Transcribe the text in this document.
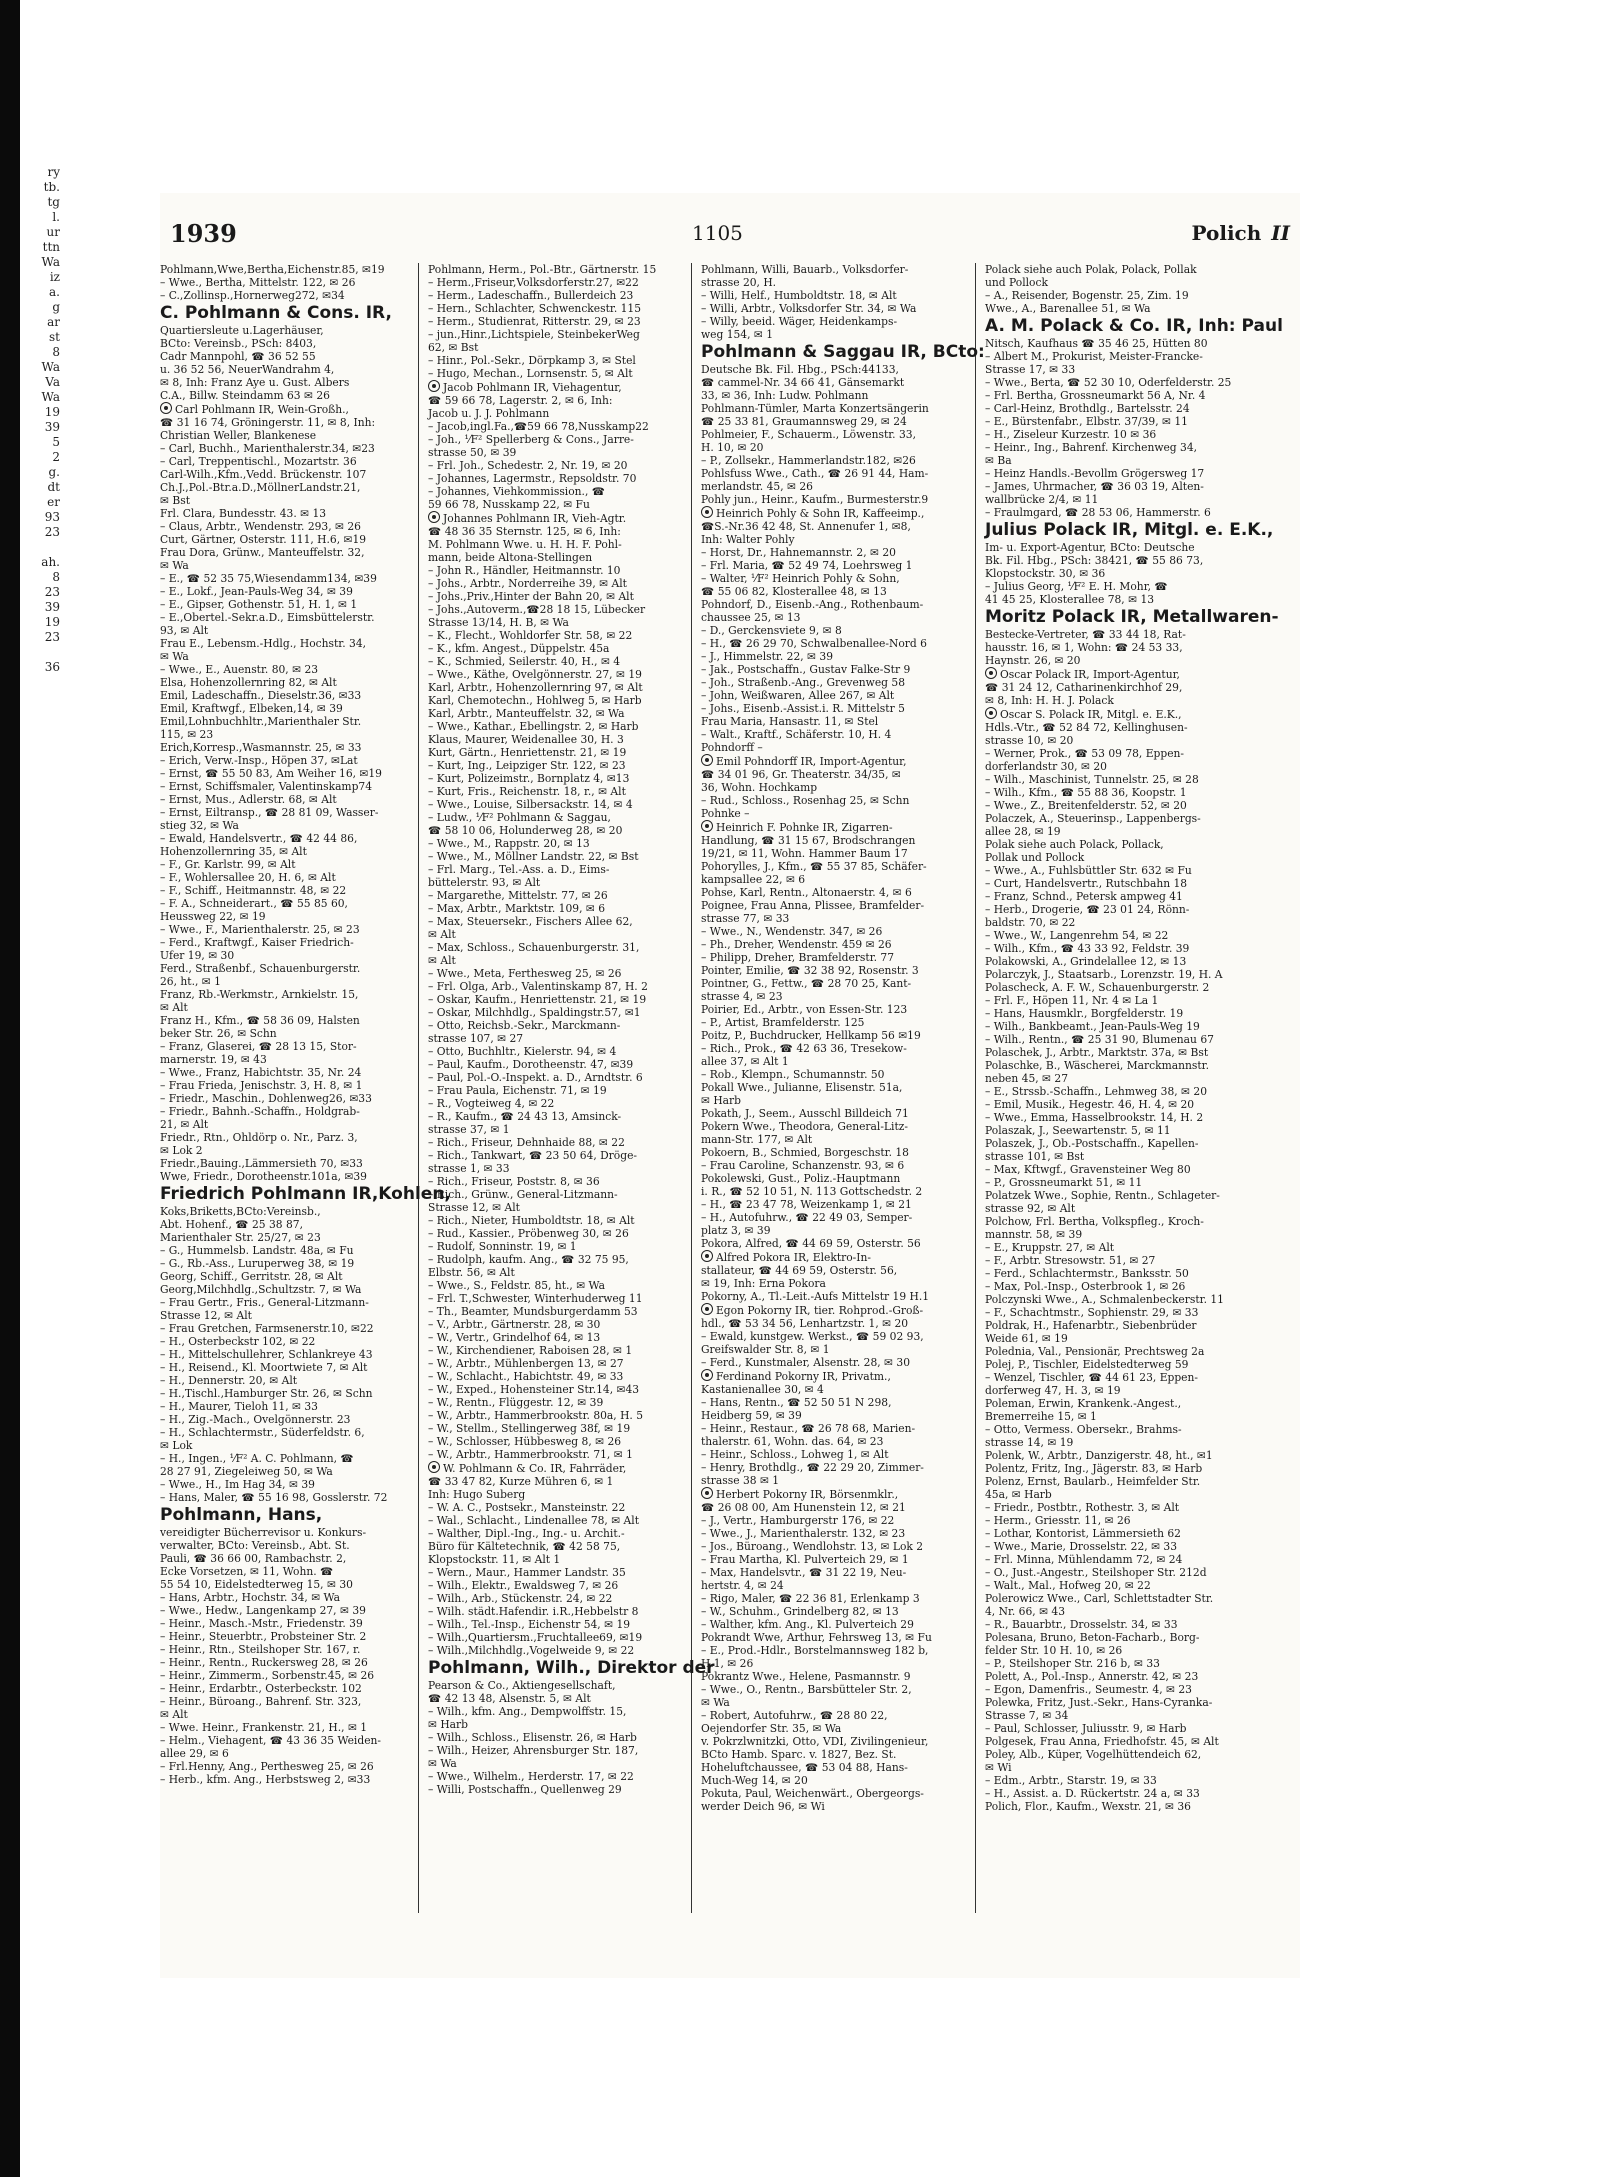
ry
tb.
tg
l.
ur
ttn
Wa
iz
a.
g
ar
st
8
Wa
Va
Wa
19
39
5
2
g.
dt
er
93
23

ah.
8
23
39
19
23

36
1939	1105	Polich II
Pohlmann,Wwe,Bertha,Eichenstr.85, ✉19
– Wwe., Bertha, Mittelstr. 122, ✉ 26
– C.,Zollinsp.,Hornerweg272, ✉34
C. Pohlmann & Cons. IR,
Quartiersleute u.Lagerhäuser,
BCto: Vereinsb., PSch: 8403,
Cadr Mannpohl, ☎ 36 52 55
u. 36 52 56, NeuerWandrahm 4,
✉ 8, Inh: Franz Aye u. Gust. Albers
C.A., Billw. Steindamm 63 ✉ 26
Carl Pohlmann IR, Wein-Großh.,
☎ 31 16 74, Gröningerstr. 11, ✉ 8, Inh:
Christian Weller, Blankenese
– Carl, Buchh., Marienthalerstr.34, ✉23
– Carl, Treppentischl., Mozartstr. 36
Carl-Wilh.,Kfm.,Vedd. Brückenstr. 107
Ch.J.,Pol.-Btr.a.D.,MöllnerLandstr.21,
✉ Bst
Frl. Clara, Bundesstr. 43. ✉ 13
– Claus, Arbtr., Wendenstr. 293, ✉ 26
Curt, Gärtner, Osterstr. 111, H.6, ✉19
Frau Dora, Grünw., Manteuffelstr. 32,
✉ Wa
– E., ☎ 52 35 75,Wiesendamm134, ✉39
– E., Lokf., Jean-Pauls-Weg 34, ✉ 39
– E., Gipser, Gothenstr. 51, H. 1, ✉ 1
– E.,Obertel.-Sekr.a.D., Eimsbüttelerstr.
93, ✉ Alt
Frau E., Lebensm.-Hdlg., Hochstr. 34,
✉ Wa
– Wwe., E., Auenstr. 80, ✉ 23
Elsa, Hohenzollernring 82, ✉ Alt
Emil, Ladeschaffn., Dieselstr.36, ✉33
Emil, Kraftwgf., Elbeken,14, ✉ 39
Emil,Lohnbuchhltr.,Marienthaler Str.
115, ✉ 23
Erich,Korresp.,Wasmannstr. 25, ✉ 33
– Erich, Verw.-Insp., Höpen 37, ✉Lat
– Ernst, ☎ 55 50 83, Am Weiher 16, ✉19
– Ernst, Schiffsmaler, Valentinskamp74
– Ernst, Mus., Adlerstr. 68, ✉ Alt
– Ernst, Eiltransp., ☎ 28 81 09, Wasser-
stieg 32, ✉ Wa
– Ewald, Handelsvertr., ☎ 42 44 86,
Hohenzollernring 35, ✉ Alt
– F., Gr. Karlstr. 99, ✉ Alt
– F., Wohlersallee 20, H. 6, ✉ Alt
– F., Schiff., Heitmannstr. 48, ✉ 22
– F. A., Schneiderart., ☎ 55 85 60,
Heussweg 22, ✉ 19
– Wwe., F., Marienthalerstr. 25, ✉ 23
– Ferd., Kraftwgf., Kaiser Friedrich-
Ufer 19, ✉ 30
Ferd., Straßenbf., Schauenburgerstr.
26, ht., ✉ 1
Franz, Rb.-Werkmstr., Arnkielstr. 15,
✉ Alt
Franz H., Kfm., ☎ 58 36 09, Halsten
beker Str. 26, ✉ Schn
– Franz, Glaserei, ☎ 28 13 15, Stor-
marnerstr. 19, ✉ 43
– Wwe., Franz, Habichtstr. 35, Nr. 24
– Frau Frieda, Jenischstr. 3, H. 8, ✉ 1
– Friedr., Maschin., Dohlenweg26, ✉33
– Friedr., Bahnh.-Schaffn., Holdgrab-
21, ✉ Alt
Friedr., Rtn., Ohldörp o. Nr., Parz. 3,
✉ Lok 2
Friedr.,Bauing.,Lämmersieth 70, ✉33
Wwe, Friedr., Dorotheenstr.101a, ✉39
Friedrich Pohlmann IR,Kohlen,
Koks,Briketts,BCto:Vereinsb.,
Abt. Hohenf., ☎ 25 38 87,
Marienthaler Str. 25/27, ✉ 23
– G., Hummelsb. Landstr. 48a, ✉ Fu
– G., Rb.-Ass., Luruperweg 38, ✉ 19
Georg, Schiff., Gerritstr. 28, ✉ Alt
Georg,Milchhdlg.,Schultzstr. 7, ✉ Wa
– Frau Gertr., Fris., General-Litzmann-
Strasse 12, ✉ Alt
– Frau Gretchen, Farmsenerstr.10, ✉22
– H., Osterbeckstr 102, ✉ 22
– H., Mittelschullehrer, Schlankreye 43
– H., Reisend., Kl. Moortwiete 7, ✉ Alt
– H., Dennerstr. 20, ✉ Alt
– H.,Tischl.,Hamburger Str. 26, ✉ Schn
– H., Maurer, Tieloh 11, ✉ 33
– H., Zig.-Mach., Ovelgönnerstr. 23
– H., Schlachtermstr., Süderfeldstr. 6,
✉ Lok
– H., Ingen., ⅟F² A. C. Pohlmann, ☎
28 27 91, Ziegeleiweg 50, ✉ Wa
– Wwe., H., Im Hag 34, ✉ 39
– Hans, Maler, ☎ 55 16 98, Gosslerstr. 72
Pohlmann, Hans,
vereidigter Bücherrevisor u. Konkurs-
verwalter, BCto: Vereinsb., Abt. St.
Pauli, ☎ 36 66 00, Rambachstr. 2,
Ecke Vorsetzen, ✉ 11, Wohn. ☎
55 54 10, Eidelstedterweg 15, ✉ 30
– Hans, Arbtr., Hochstr. 34, ✉ Wa
– Wwe., Hedw., Langenkamp 27, ✉ 39
– Heinr., Masch.-Mstr., Friedenstr. 39
– Heinr., Steuerbtr., Probsteiner Str. 2
– Heinr., Rtn., Steilshoper Str. 167, r.
– Heinr., Rentn., Ruckersweg 28, ✉ 26
– Heinr., Zimmerm., Sorbenstr.45, ✉ 26
– Heinr., Erdarbtr., Osterbeckstr. 102
– Heinr., Büroang., Bahrenf. Str. 323,
✉ Alt
– Wwe. Heinr., Frankenstr. 21, H., ✉ 1
– Helm., Viehagent, ☎ 43 36 35 Weiden-
allee 29, ✉ 6
– Frl.Henny, Ang., Perthesweg 25, ✉ 26
– Herb., kfm. Ang., Herbstsweg 2, ✉33
Pohlmann, Herm., Pol.-Btr., Gärtnerstr. 15
– Herm.,Friseur,Volksdorferstr.27, ✉22
– Herm., Ladeschaffn., Bullerdeich 23
– Hern., Schlachter, Schwenckestr. 115
– Herm., Studienrat, Ritterstr. 29, ✉ 23
– jun.,Hinr.,Lichtspiele, SteinbekerWeg
62, ✉ Bst
– Hinr., Pol.-Sekr., Dörpkamp 3, ✉ Stel
– Hugo, Mechan., Lornsenstr. 5, ✉ Alt
Jacob Pohlmann IR, Viehagentur,
☎ 59 66 78, Lagerstr. 2, ✉ 6, Inh:
Jacob u. J. J. Pohlmann
– Jacob,ingl.Fa.,☎59 66 78,Nusskamp22
– Joh., ⅟F² Spellerberg & Cons., Jarre-
strasse 50, ✉ 39
– Frl. Joh., Schedestr. 2, Nr. 19, ✉ 20
– Johannes, Lagermstr., Repsoldstr. 70
– Johannes, Viehkommission., ☎
59 66 78, Nusskamp 22, ✉ Fu
Johannes Pohlmann IR, Vieh-Agtr.
☎ 48 36 35 Sternstr. 125, ✉ 6, Inh:
M. Pohlmann Wwe. u. H. H. F. Pohl-
mann, beide Altona-Stellingen
– John R., Händler, Heitmannstr. 10
– Johs., Arbtr., Norderreihe 39, ✉ Alt
– Johs.,Priv.,Hinter der Bahn 20, ✉ Alt
– Johs.,Autoverm.,☎28 18 15, Lübecker
Strasse 13/14, H. B, ✉ Wa
– K., Flecht., Wohldorfer Str. 58, ✉ 22
– K., kfm. Angest., Düppelstr. 45a
– K., Schmied, Seilerstr. 40, H., ✉ 4
– Wwe., Käthe, Ovelgönnerstr. 27, ✉ 19
Karl, Arbtr., Hohenzollernring 97, ✉ Alt
Karl, Chemotechn., Hohlweg 5, ✉ Harb
Karl, Arbtr., Manteuffelstr. 32, ✉ Wa
– Wwe., Kathar., Ebellingstr. 2, ✉ Harb
Klaus, Maurer, Weidenallee 30, H. 3
Kurt, Gärtn., Henriettenstr. 21, ✉ 19
– Kurt, Ing., Leipziger Str. 122, ✉ 23
– Kurt, Polizeimstr., Bornplatz 4, ✉13
– Kurt, Fris., Reichenstr. 18, r., ✉ Alt
– Wwe., Louise, Silbersackstr. 14, ✉ 4
– Ludw., ⅟F² Pohlmann & Saggau,
☎ 58 10 06, Holunderweg 28, ✉ 20
– Wwe., M., Rappstr. 20, ✉ 13
– Wwe., M., Möllner Landstr. 22, ✉ Bst
– Frl. Marg., Tel.-Ass. a. D., Eims-
büttelerstr. 93, ✉ Alt
– Margarethe, Mittelstr. 77, ✉ 26
– Max, Arbtr., Marktstr. 109, ✉ 6
– Max, Steuersekr., Fischers Allee 62,
✉ Alt
– Max, Schloss., Schauenburgerstr. 31,
✉ Alt
– Wwe., Meta, Ferthesweg 25, ✉ 26
– Frl. Olga, Arb., Valentinskamp 87, H. 2
– Oskar, Kaufm., Henriettenstr. 21, ✉ 19
– Oskar, Milchhdlg., Spaldingstr.57, ✉1
– Otto, Reichsb.-Sekr., Marckmann-
strasse 107, ✉ 27
– Otto, Buchhltr., Kielerstr. 94, ✉ 4
– Paul, Kaufm., Dorotheenstr. 47, ✉39
– Paul, Pol.-O.-Inspekt. a. D., Arndtstr. 6
– Frau Paula, Eichenstr. 71, ✉ 19
– R., Vogteiweg 4, ✉ 22
– R., Kaufm., ☎ 24 43 13, Amsinck-
strasse 37, ✉ 1
– Rich., Friseur, Dehnhaide 88, ✉ 22
– Rich., Tankwart, ☎ 23 50 64, Dröge-
strasse 1, ✉ 33
– Rich., Friseur, Poststr. 8, ✉ 36
– Rich., Grünw., General-Litzmann-
Strasse 12, ✉ Alt
– Rich., Nieter, Humboldtstr. 18, ✉ Alt
– Rud., Kassier., Pröbenweg 30, ✉ 26
– Rudolf, Sonninstr. 19, ✉ 1
– Rudolph, kaufm. Ang., ☎ 32 75 95,
Elbstr. 56, ✉ Alt
– Wwe., S., Feldstr. 85, ht., ✉ Wa
– Frl. T.,Schwester, Winterhuderweg 11
– Th., Beamter, Mundsburgerdamm 53
– V., Arbtr., Gärtnerstr. 28, ✉ 30
– W., Vertr., Grindelhof 64, ✉ 13
– W., Kirchendiener, Raboisen 28, ✉ 1
– W., Arbtr., Mühlenbergen 13, ✉ 27
– W., Schlacht., Habichtstr. 49, ✉ 33
– W., Exped., Hohensteiner Str.14, ✉43
– W., Rentn., Flüggestr. 12, ✉ 39
– W., Arbtr., Hammerbrookstr. 80a, H. 5
– W., Stellm., Stellingerweg 38f, ✉ 19
– W., Schlosser, Hübbesweg 8, ✉ 26
– W., Arbtr., Hammerbrookstr. 71, ✉ 1
W. Pohlmann & Co. IR, Fahrräder,
☎ 33 47 82, Kurze Mühren 6, ✉ 1
Inh: Hugo Suberg
– W. A. C., Postsekr., Mansteinstr. 22
– Wal., Schlacht., Lindenallee 78, ✉ Alt
– Walther, Dipl.-Ing., Ing.- u. Archit.-
Büro für Kältetechnik, ☎ 42 58 75,
Klopstockstr. 11, ✉ Alt 1
– Wern., Maur., Hammer Landstr. 35
– Wilh., Elektr., Ewaldsweg 7, ✉ 26
– Wilh., Arb., Stückenstr. 24, ✉ 22
– Wilh. städt.Hafendir. i.R.,Hebbelstr 8
– Wilh., Tel.-Insp., Eichenstr 54, ✉ 19
– Wilh.,Quartiersm.,Fruchtallee69, ✉19
– Wilh.,Milchhdlg.,Vogelweide 9, ✉ 22
Pohlmann, Wilh., Direktor der
Pearson & Co., Aktiengesellschaft,
☎ 42 13 48, Alsenstr. 5, ✉ Alt
– Wilh., kfm. Ang., Dempwolffstr. 15,
✉ Harb
– Wilh., Schloss., Elisenstr. 26, ✉ Harb
– Wilh., Heizer, Ahrensburger Str. 187,
✉ Wa
– Wwe., Wilhelm., Herderstr. 17, ✉ 22
– Willi, Postschaffn., Quellenweg 29
Pohlmann, Willi, Bauarb., Volksdorfer-
strasse 20, H.
– Willi, Helf., Humboldtstr. 18, ✉ Alt
– Willi, Arbtr., Volksdorfer Str. 34, ✉ Wa
– Willy, beeid. Wäger, Heidenkamps-
weg 154, ✉ 1
Pohlmann & Saggau IR, BCto:
Deutsche Bk. Fil. Hbg., PSch:44133,
☎ cammel-Nr. 34 66 41, Gänsemarkt
33, ✉ 36, Inh: Ludw. Pohlmann
Pohlmann-Tümler, Marta Konzertsängerin
☎ 25 33 81, Graumannsweg 29, ✉ 24
Pohlmeier, F., Schauerm., Löwenstr. 33,
H. 10, ✉ 20
– P., Zollsekr., Hammerlandstr.182, ✉26
Pohlsfuss Wwe., Cath., ☎ 26 91 44, Ham-
merlandstr. 45, ✉ 26
Pohly jun., Heinr., Kaufm., Burmesterstr.9
Heinrich Pohly & Sohn IR, Kaffeeimp.,
☎S.-Nr.36 42 48, St. Annenufer 1, ✉8,
Inh: Walter Pohly
– Horst, Dr., Hahnemannstr. 2, ✉ 20
– Frl. Maria, ☎ 52 49 74, Loehrsweg 1
– Walter, ⅟F² Heinrich Pohly & Sohn,
☎ 55 06 82, Klosterallee 48, ✉ 13
Pohndorf, D., Eisenb.-Ang., Rothenbaum-
chaussee 25, ✉ 13
– D., Gerckensviete 9, ✉ 8
– H., ☎ 26 29 70, Schwalbenallee-Nord 6
– J., Himmelstr. 22, ✉ 39
– Jak., Postschaffn., Gustav Falke-Str 9
– Joh., Straßenb.-Ang., Grevenweg 58
– John, Weißwaren, Allee 267, ✉ Alt
– Johs., Eisenb.-Assist.i. R. Mittelstr 5
Frau Maria, Hansastr. 11, ✉ Stel
– Walt., Kraftf., Schäferstr. 10, H. 4
Pohndorff –
Emil Pohndorff IR, Import-Agentur,
☎ 34 01 96, Gr. Theaterstr. 34/35, ✉
36, Wohn. Hochkamp
– Rud., Schloss., Rosenhag 25, ✉ Schn
Pohnke –
Heinrich F. Pohnke IR, Zigarren-
Handlung, ☎ 31 15 67, Brodschrangen
19/21, ✉ 11, Wohn. Hammer Baum 17
Pohorylles, J., Kfm., ☎ 55 37 85, Schäfer-
kampsallee 22, ✉ 6
Pohse, Karl, Rentn., Altonaerstr. 4, ✉ 6
Poignee, Frau Anna, Plissee, Bramfelder-
strasse 77, ✉ 33
– Wwe., N., Wendenstr. 347, ✉ 26
– Ph., Dreher, Wendenstr. 459 ✉ 26
– Philipp, Dreher, Bramfelderstr. 77
Pointer, Emilie, ☎ 32 38 92, Rosenstr. 3
Pointner, G., Fettw., ☎ 28 70 25, Kant-
strasse 4, ✉ 23
Poirier, Ed., Arbtr., von Essen-Str. 123
– P., Artist, Bramfelderstr. 125
Poitz, P., Buchdrucker, Hellkamp 56 ✉19
– Rich., Prok., ☎ 42 63 36, Tresekow-
allee 37, ✉ Alt 1
– Rob., Klempn., Schumannstr. 50
Pokall Wwe., Julianne, Elisenstr. 51a,
✉ Harb
Pokath, J., Seem., Ausschl Billdeich 71
Pokern Wwe., Theodora, General-Litz-
mann-Str. 177, ✉ Alt
Pokoern, B., Schmied, Borgeschstr. 18
– Frau Caroline, Schanzenstr. 93, ✉ 6
Pokolewski, Gust., Poliz.-Hauptmann
i. R., ☎ 52 10 51, N. 113 Gottschedstr. 2
– H., ☎ 23 47 78, Weizenkamp 1, ✉ 21
– H., Autofuhrw., ☎ 22 49 03, Semper-
platz 3, ✉ 39
Pokora, Alfred, ☎ 44 69 59, Osterstr. 56
Alfred Pokora IR, Elektro-In-
stallateur, ☎ 44 69 59, Osterstr. 56,
✉ 19, Inh: Erna Pokora
Pokorny, A., Tl.-Leit.-Aufs Mittelstr 19 H.1
Egon Pokorny IR, tier. Rohprod.-Groß-
hdl., ☎ 53 34 56, Lenhartzstr. 1, ✉ 20
– Ewald, kunstgew. Werkst., ☎ 59 02 93,
Greifswalder Str. 8, ✉ 1
– Ferd., Kunstmaler, Alsenstr. 28, ✉ 30
Ferdinand Pokorny IR, Privatm.,
Kastanienallee 30, ✉ 4
– Hans, Rentn., ☎ 52 50 51 N 298,
Heidberg 59, ✉ 39
– Heinr., Restaur., ☎ 26 78 68, Marien-
thalerstr. 61, Wohn. das. 64, ✉ 23
– Heinr., Schloss., Lohweg 1, ✉ Alt
– Henry, Brothdlg., ☎ 22 29 20, Zimmer-
strasse 38 ✉ 1
Herbert Pokorny IR, Börsenmklr.,
☎ 26 08 00, Am Hunenstein 12, ✉ 21
– J., Vertr., Hamburgerstr 176, ✉ 22
– Wwe., J., Marienthalerstr. 132, ✉ 23
– Jos., Büroang., Wendlohstr. 13, ✉ Lok 2
– Frau Martha, Kl. Pulverteich 29, ✉ 1
– Max, Handelsvtr., ☎ 31 22 19, Neu-
hertstr. 4, ✉ 24
– Rigo, Maler, ☎ 22 36 81, Erlenkamp 3
– W., Schuhm., Grindelberg 82, ✉ 13
– Walther, kfm. Ang., Kl. Pulverteich 29
Pokrandt Wwe, Arthur, Fehrsweg 13, ✉ Fu
– E., Prod.-Hdlr., Borstelmannsweg 182 b,
H.1, ✉ 26
Pokrantz Wwe., Helene, Pasmannstr. 9
– Wwe., O., Rentn., Barsbütteler Str. 2,
✉ Wa
– Robert, Autofuhrw., ☎ 28 80 22,
Oejendorfer Str. 35, ✉ Wa
v. Pokrzlwnitzki, Otto, VDI, Zivilingenieur,
BCto Hamb. Sparc. v. 1827, Bez. St.
Hoheluftchaussee, ☎ 53 04 88, Hans-
Much-Weg 14, ✉ 20
Pokuta, Paul, Weichenwärt., Obergeorgs-
werder Deich 96, ✉ Wi
Polack siehe auch Polak, Polack, Pollak
und Pollock
– A., Reisender, Bogenstr. 25, Zim. 19
Wwe., A., Barenallee 51, ✉ Wa
A. M. Polack & Co. IR, Inh: Paul
Nitsch, Kaufhaus ☎ 35 46 25, Hütten 80
– Albert M., Prokurist, Meister-Francke-
Strasse 17, ✉ 33
– Wwe., Berta, ☎ 52 30 10, Oderfelderstr. 25
– Frl. Bertha, Grossneumarkt 56 A, Nr. 4
– Carl-Heinz, Brothdlg., Bartelsstr. 24
– E., Bürstenfabr., Elbstr. 37/39, ✉ 11
– H., Ziseleur Kurzestr. 10 ✉ 36
– Heinr., Ing., Bahrenf. Kirchenweg 34,
✉ Ba
– Heinz Handls.-Bevollm Grögersweg 17
– James, Uhrmacher, ☎ 36 03 19, Alten-
wallbrücke 2/4, ✉ 11
– Fraulmgard, ☎ 28 53 06, Hammerstr. 6
Julius Polack IR, Mitgl. e. E.K.,
Im- u. Export-Agentur, BCto: Deutsche
Bk. Fil. Hbg., PSch: 38421, ☎ 55 86 73,
Klopstockstr. 30, ✉ 36
– Julius Georg, ⅟F² E. H. Mohr, ☎
41 45 25, Klosterallee 78, ✉ 13
Moritz Polack IR, Metallwaren-
Bestecke-Vertreter, ☎ 33 44 18, Rat-
hausstr. 16, ✉ 1, Wohn: ☎ 24 53 33,
Haynstr. 26, ✉ 20
Oscar Polack IR, Import-Agentur,
☎ 31 24 12, Catharinenkirchhof 29,
✉ 8, Inh: H. H. J. Polack
Oscar S. Polack IR, Mitgl. e. E.K.,
Hdls.-Vtr., ☎ 52 84 72, Kellinghusen-
strasse 10, ✉ 20
– Werner, Prok., ☎ 53 09 78, Eppen-
dorferlandstr 30, ✉ 20
– Wilh., Maschinist, Tunnelstr. 25, ✉ 28
– Wilh., Kfm., ☎ 55 88 36, Koopstr. 1
– Wwe., Z., Breitenfelderstr. 52, ✉ 20
Polaczek, A., Steuerinsp., Lappenbergs-
allee 28, ✉ 19
Polak siehe auch Polack, Pollack,
Pollak und Pollock
– Wwe., A., Fuhlsbüttler Str. 632 ✉ Fu
– Curt, Handelsvertr., Rutschbahn 18
– Franz, Schnd., Petersk ampweg 41
– Herb., Drogerie, ☎ 23 01 24, Rönn-
baldstr. 70, ✉ 22
– Wwe., W., Langenrehm 54, ✉ 22
– Wilh., Kfm., ☎ 43 33 92, Feldstr. 39
Polakowski, A., Grindelallee 12, ✉ 13
Polarczyk, J., Staatsarb., Lorenzstr. 19, H. A
Polascheck, A. F. W., Schauenburgerstr. 2
– Frl. F., Höpen 11, Nr. 4 ✉ La 1
– Hans, Hausmklr., Borgfelderstr. 19
– Wilh., Bankbeamt., Jean-Pauls-Weg 19
– Wilh., Rentn., ☎ 25 31 90, Blumenau 67
Polaschek, J., Arbtr., Marktstr. 37a, ✉ Bst
Polaschke, B., Wäscherei, Marckmannstr.
neben 45, ✉ 27
– E., Strssb.-Schaffn., Lehmweg 38, ✉ 20
– Emil, Musik., Hegestr. 46, H. 4, ✉ 20
– Wwe., Emma, Hasselbrookstr. 14, H. 2
Polaszak, J., Seewartenstr. 5, ✉ 11
Polaszek, J., Ob.-Postschaffn., Kapellen-
strasse 101, ✉ Bst
– Max, Kftwgf., Gravensteiner Weg 80
– P., Grossneumarkt 51, ✉ 11
Polatzek Wwe., Sophie, Rentn., Schlageter-
strasse 92, ✉ Alt
Polchow, Frl. Bertha, Volkspfleg., Kroch-
mannstr. 58, ✉ 39
– E., Kruppstr. 27, ✉ Alt
– F., Arbtr. Stresowstr. 51, ✉ 27
– Ferd., Schlachtermstr., Banksstr. 50
– Max, Pol.-Insp., Osterbrook 1, ✉ 26
Polczynski Wwe., A., Schmalenbeckerstr. 11
– F., Schachtmstr., Sophienstr. 29, ✉ 33
Poldrak, H., Hafenarbtr., Siebenbrüder
Weide 61, ✉ 19
Polednia, Val., Pensionär, Prechtsweg 2a
Polej, P., Tischler, Eidelstedterweg 59
– Wenzel, Tischler, ☎ 44 61 23, Eppen-
dorferweg 47, H. 3, ✉ 19
Poleman, Erwin, Krankenk.-Angest.,
Bremerreihe 15, ✉ 1
– Otto, Vermess. Obersekr., Brahms-
strasse 14, ✉ 19
Polenk, W., Arbtr., Danzigerstr. 48, ht., ✉1
Polentz, Fritz, Ing., Jägerstr. 83, ✉ Harb
Polenz, Ernst, Baularb., Heimfelder Str.
45a, ✉ Harb
– Friedr., Postbtr., Rothestr. 3, ✉ Alt
– Herm., Griesstr. 11, ✉ 26
– Lothar, Kontorist, Lämmersieth 62
– Wwe., Marie, Drosselstr. 22, ✉ 33
– Frl. Minna, Mühlendamm 72, ✉ 24
– O., Just.-Angestr., Steilshoper Str. 212d
– Walt., Mal., Hofweg 20, ✉ 22
Polerowicz Wwe., Carl, Schlettstadter Str.
4, Nr. 66, ✉ 43
– R., Bauarbtr., Drosselstr. 34, ✉ 33
Polesana, Bruno, Beton-Facharb., Borg-
felder Str. 10 H. 10, ✉ 26
– P., Steilshoper Str. 216 b, ✉ 33
Polett, A., Pol.-Insp., Annerstr. 42, ✉ 23
– Egon, Damenfris., Seumestr. 4, ✉ 23
Polewka, Fritz, Just.-Sekr., Hans-Cyranka-
Strasse 7, ✉ 34
– Paul, Schlosser, Juliusstr. 9, ✉ Harb
Polgesek, Frau Anna, Friedhofstr. 45, ✉ Alt
Poley, Alb., Küper, Vogelhüttendeich 62,
✉ Wi
– Edm., Arbtr., Starstr. 19, ✉ 33
– H., Assist. a. D. Rückertstr. 24 a, ✉ 33
Polich, Flor., Kaufm., Wexstr. 21, ✉ 36
